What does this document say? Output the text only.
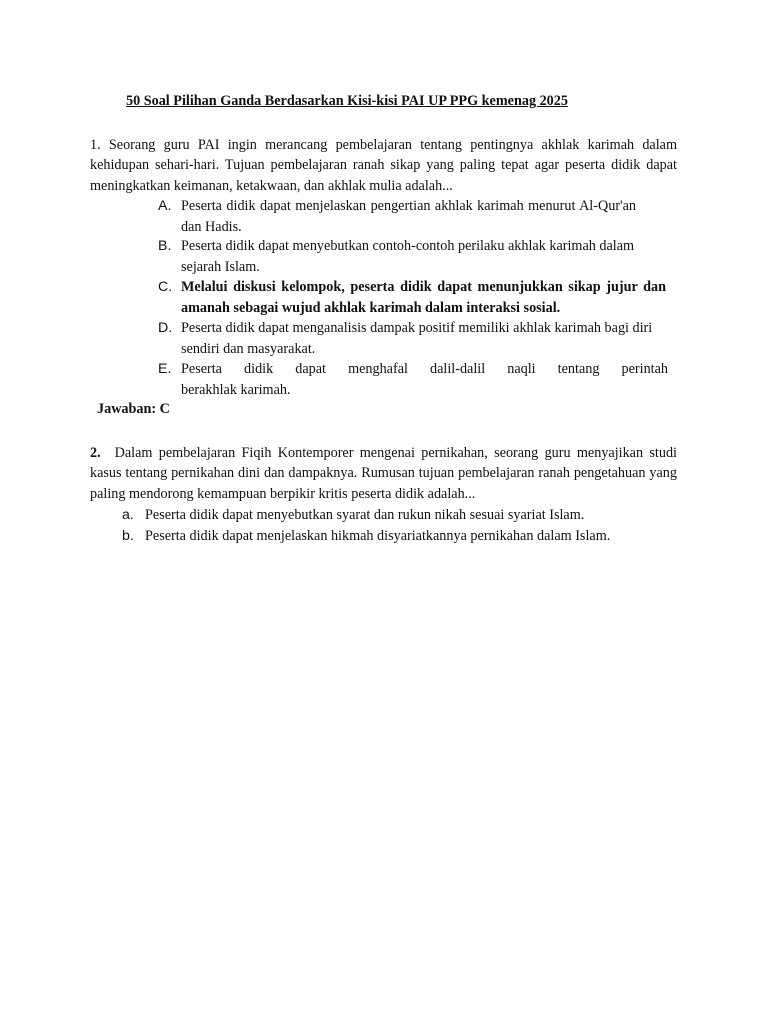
50 Soal Pilihan Ganda Berdasarkan Kisi-kisi PAI UP PPG kemenag 2025

1. Seorang guru PAI ingin merancang pembelajaran tentang pentingnya akhlak karimah dalam kehidupan sehari-hari. Tujuan pembelajaran ranah sikap yang paling tepat agar peserta didik dapat meningkatkan keimanan, ketakwaan, dan akhlak mulia adalah...

A. Peserta didik dapat menjelaskan pengertian akhlak karimah menurut Al-Qur'an dan Hadis.
B. Peserta didik dapat menyebutkan contoh-contoh perilaku akhlak karimah dalam sejarah Islam.
C. Melalui diskusi kelompok, peserta didik dapat menunjukkan sikap jujur dan amanah sebagai wujud akhlak karimah dalam interaksi sosial.
D. Peserta didik dapat menganalisis dampak positif memiliki akhlak karimah bagi diri sendiri dan masyarakat.
E. Peserta didik dapat menghafal dalil-dalil naqli tentang perintah
berakhlak karimah.
Jawaban: C

2. Dalam pembelajaran Fiqih Kontemporer mengenai pernikahan, seorang guru menyajikan studi kasus tentang pernikahan dini dan dampaknya. Rumusan tujuan pembelajaran ranah pengetahuan yang paling mendorong kemampuan berpikir kritis peserta didik adalah...

a. Peserta didik dapat menyebutkan syarat dan rukun nikah sesuai syariat Islam.
b. Peserta didik dapat menjelaskan hikmah disyariatkannya pernikahan dalam Islam.
